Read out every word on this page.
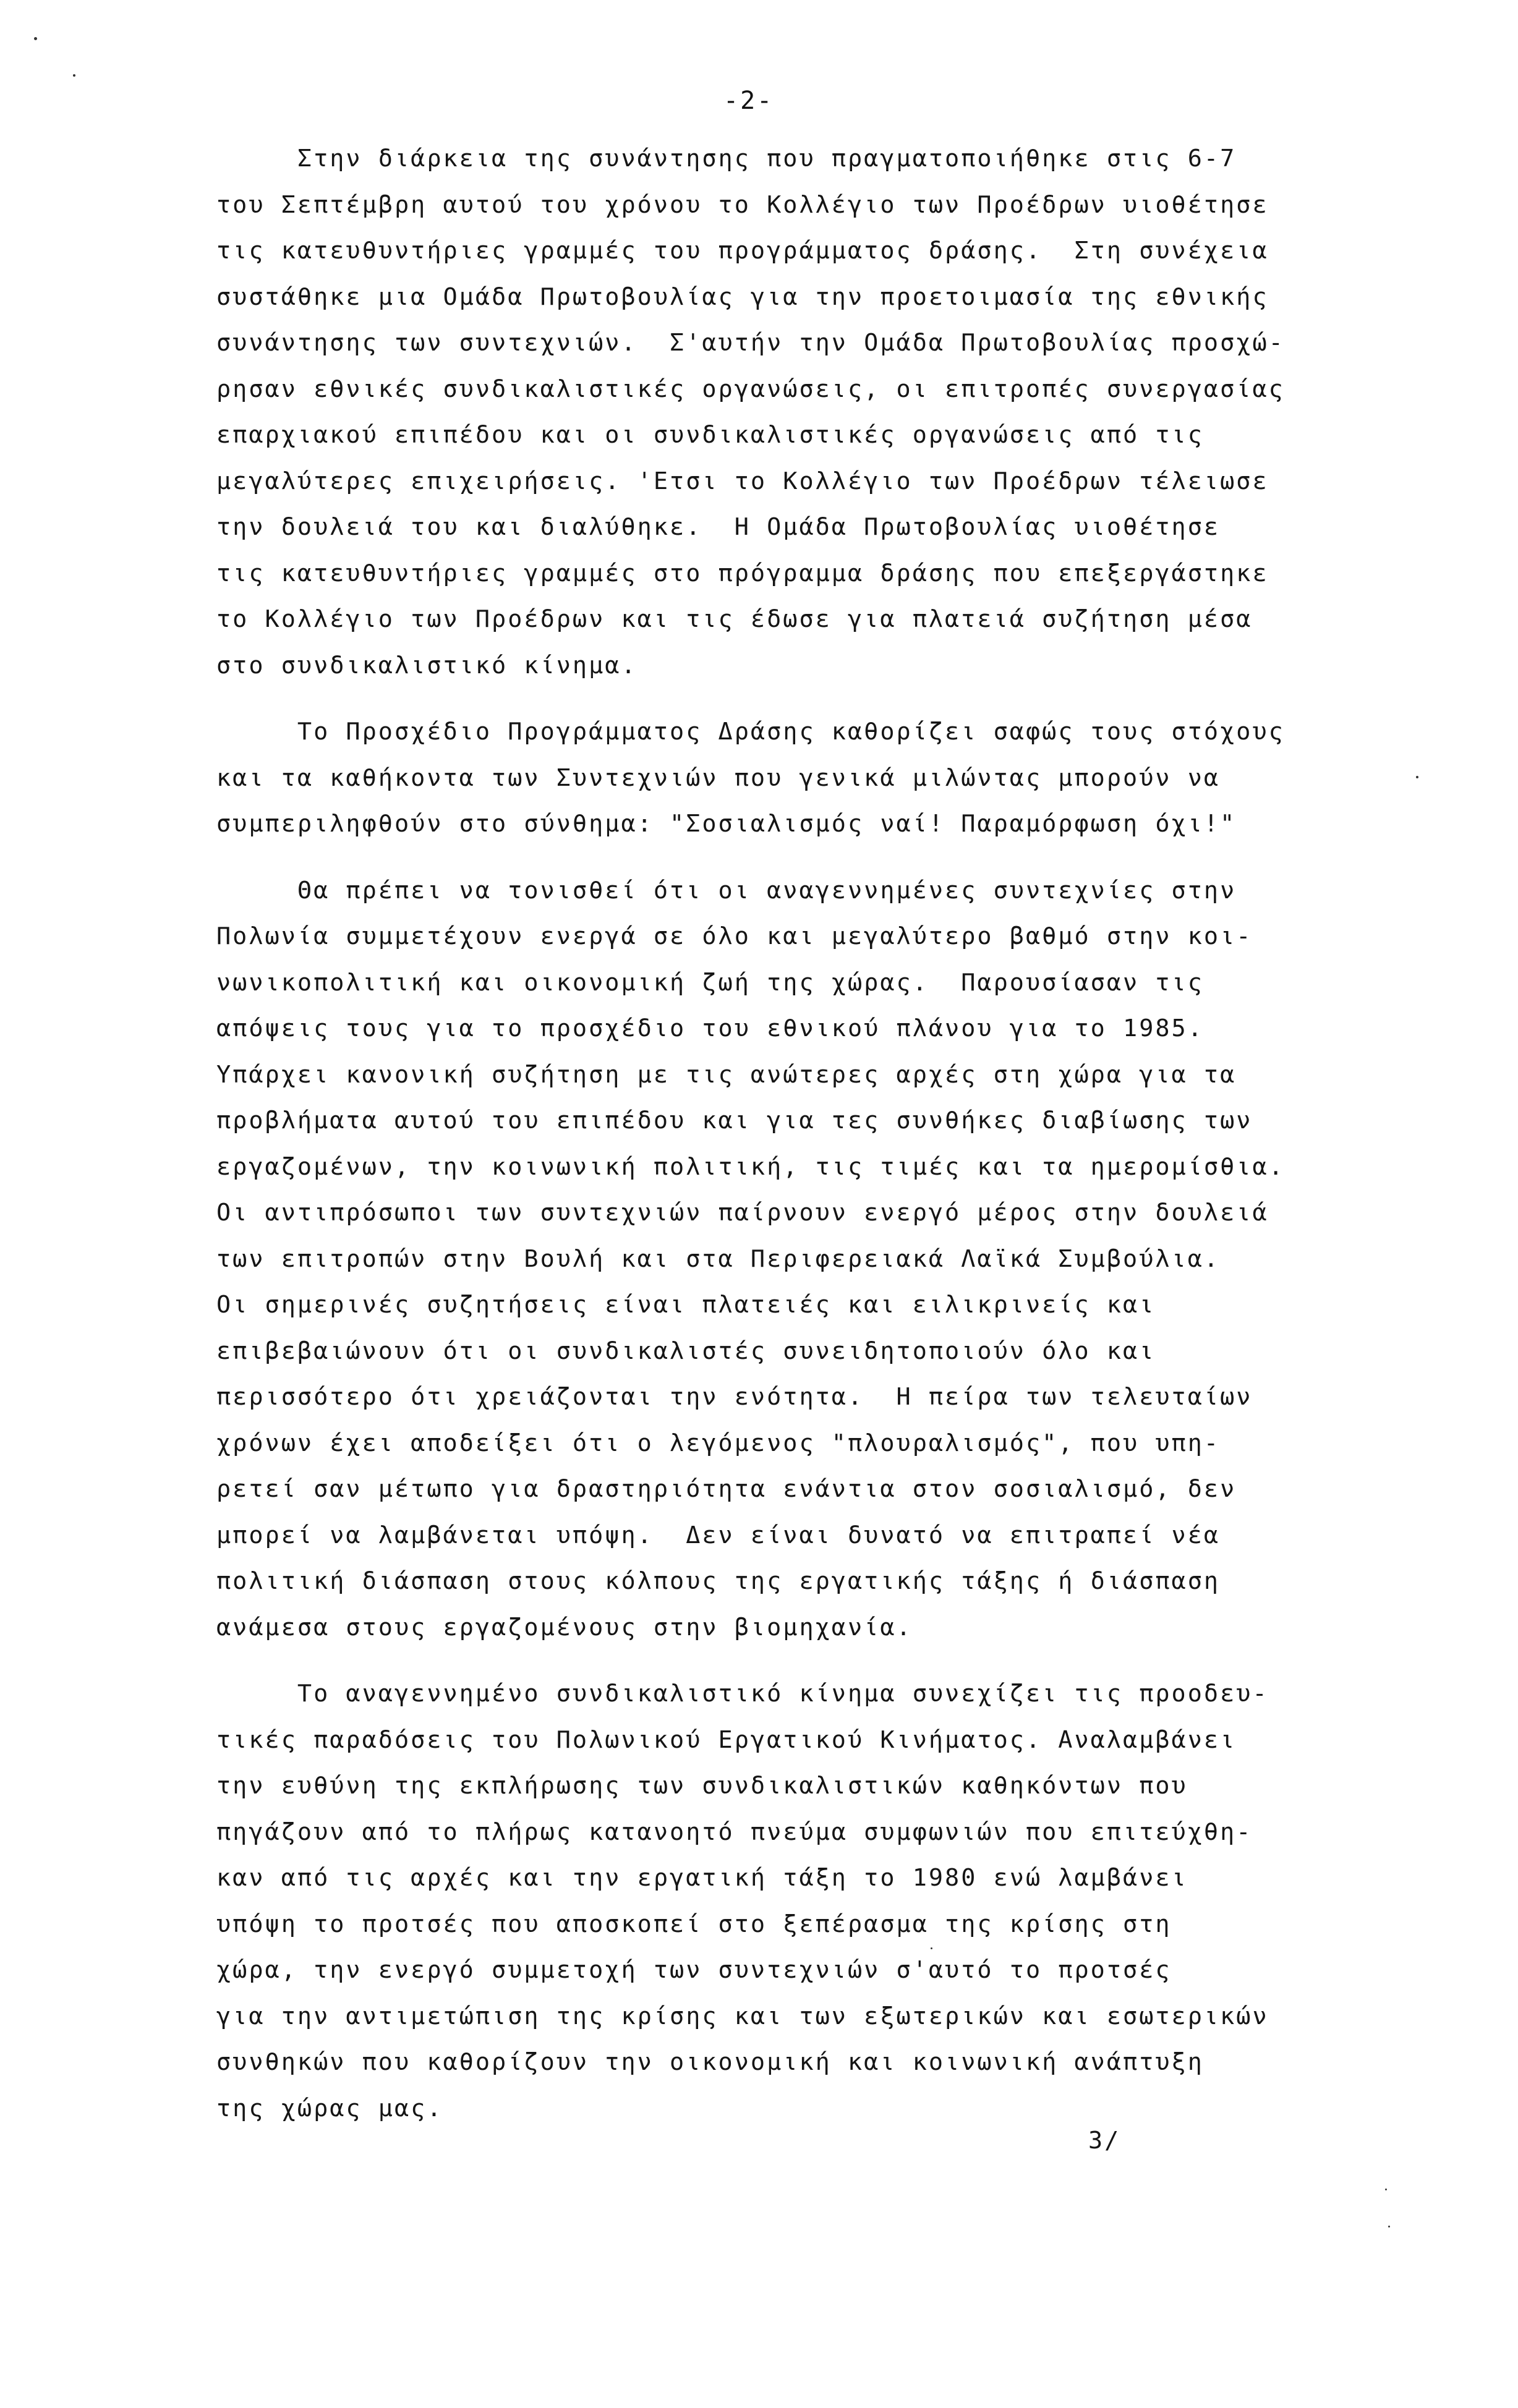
-2-
Στην διάρκεια της συνάντησης που πραγματοποιήθηκε στις 6-7
του Σεπτέμβρη αυτού του χρόνου το Κολλέγιο των Προέδρων υιοθέτησε
τις κατευθυντήριες γραμμές του προγράμματος δράσης.  Στη συνέχεια
συστάθηκε μια Ομάδα Πρωτοβουλίας για την προετοιμασία της εθνικής
συνάντησης των συντεχνιών.  Σ'αυτήν την Ομάδα Πρωτοβουλίας προσχώ-
ρησαν εθνικές συνδικαλιστικές οργανώσεις, οι επιτροπές συνεργασίας
επαρχιακού επιπέδου και οι συνδικαλιστικές οργανώσεις από τις
μεγαλύτερες επιχειρήσεις. 'Ετσι το Κολλέγιο των Προέδρων τέλειωσε
την δουλειά του και διαλύθηκε.  Η Ομάδα Πρωτοβουλίας υιοθέτησε
τις κατευθυντήριες γραμμές στο πρόγραμμα δράσης που επεξεργάστηκε
το Κολλέγιο των Προέδρων και τις έδωσε για πλατειά συζήτηση μέσα
στο συνδικαλιστικό κίνημα.
Το Προσχέδιο Προγράμματος Δράσης καθορίζει σαφώς τους στόχους
και τα καθήκοντα των Συντεχνιών που γενικά μιλώντας μπορούν να
συμπεριληφθούν στο σύνθημα: "Σοσιαλισμός ναί! Παραμόρφωση όχι!"
Θα πρέπει να τονισθεί ότι οι αναγεννημένες συντεχνίες στην
Πολωνία συμμετέχουν ενεργά σε όλο και μεγαλύτερο βαθμό στην κοι-
νωνικοπολιτική και οικονομική ζωή της χώρας.  Παρουσίασαν τις
απόψεις τους για το προσχέδιο του εθνικού πλάνου για το 1985.
Υπάρχει κανονική συζήτηση με τις ανώτερες αρχές στη χώρα για τα
προβλήματα αυτού του επιπέδου και για τες συνθήκες διαβίωσης των
εργαζομένων, την κοινωνική πολιτική, τις τιμές και τα ημερομίσθια.
Οι αντιπρόσωποι των συντεχνιών παίρνουν ενεργό μέρος στην δουλειά
των επιτροπών στην Βουλή και στα Περιφερειακά Λαϊκά Συμβούλια.
Οι σημερινές συζητήσεις είναι πλατειές και ειλικρινείς και
επιβεβαιώνουν ότι οι συνδικαλιστές συνειδητοποιούν όλο και
περισσότερο ότι χρειάζονται την ενότητα.  Η πείρα των τελευταίων
χρόνων έχει αποδείξει ότι ο λεγόμενος "πλουραλισμός", που υπη-
ρετεί σαν μέτωπο για δραστηριότητα ενάντια στον σοσιαλισμό, δεν
μπορεί να λαμβάνεται υπόψη.  Δεν είναι δυνατό να επιτραπεί νέα
πολιτική διάσπαση στους κόλπους της εργατικής τάξης ή διάσπαση
ανάμεσα στους εργαζομένους στην βιομηχανία.
Το αναγεννημένο συνδικαλιστικό κίνημα συνεχίζει τις προοδευ-
τικές παραδόσεις του Πολωνικού Εργατικού Κινήματος. Αναλαμβάνει
την ευθύνη της εκπλήρωσης των συνδικαλιστικών καθηκόντων που
πηγάζουν από το πλήρως κατανοητό πνεύμα συμφωνιών που επιτεύχθη-
καν από τις αρχές και την εργατική τάξη το 1980 ενώ λαμβάνει
υπόψη το προτσές που αποσκοπεί στο ξεπέρασμα της κρίσης στη
χώρα, την ενεργό συμμετοχή των συντεχνιών σ'αυτό το προτσές
για την αντιμετώπιση της κρίσης και των εξωτερικών και εσωτερικών
συνθηκών που καθορίζουν την οικονομική και κοινωνική ανάπτυξη
της χώρας μας.
3/
